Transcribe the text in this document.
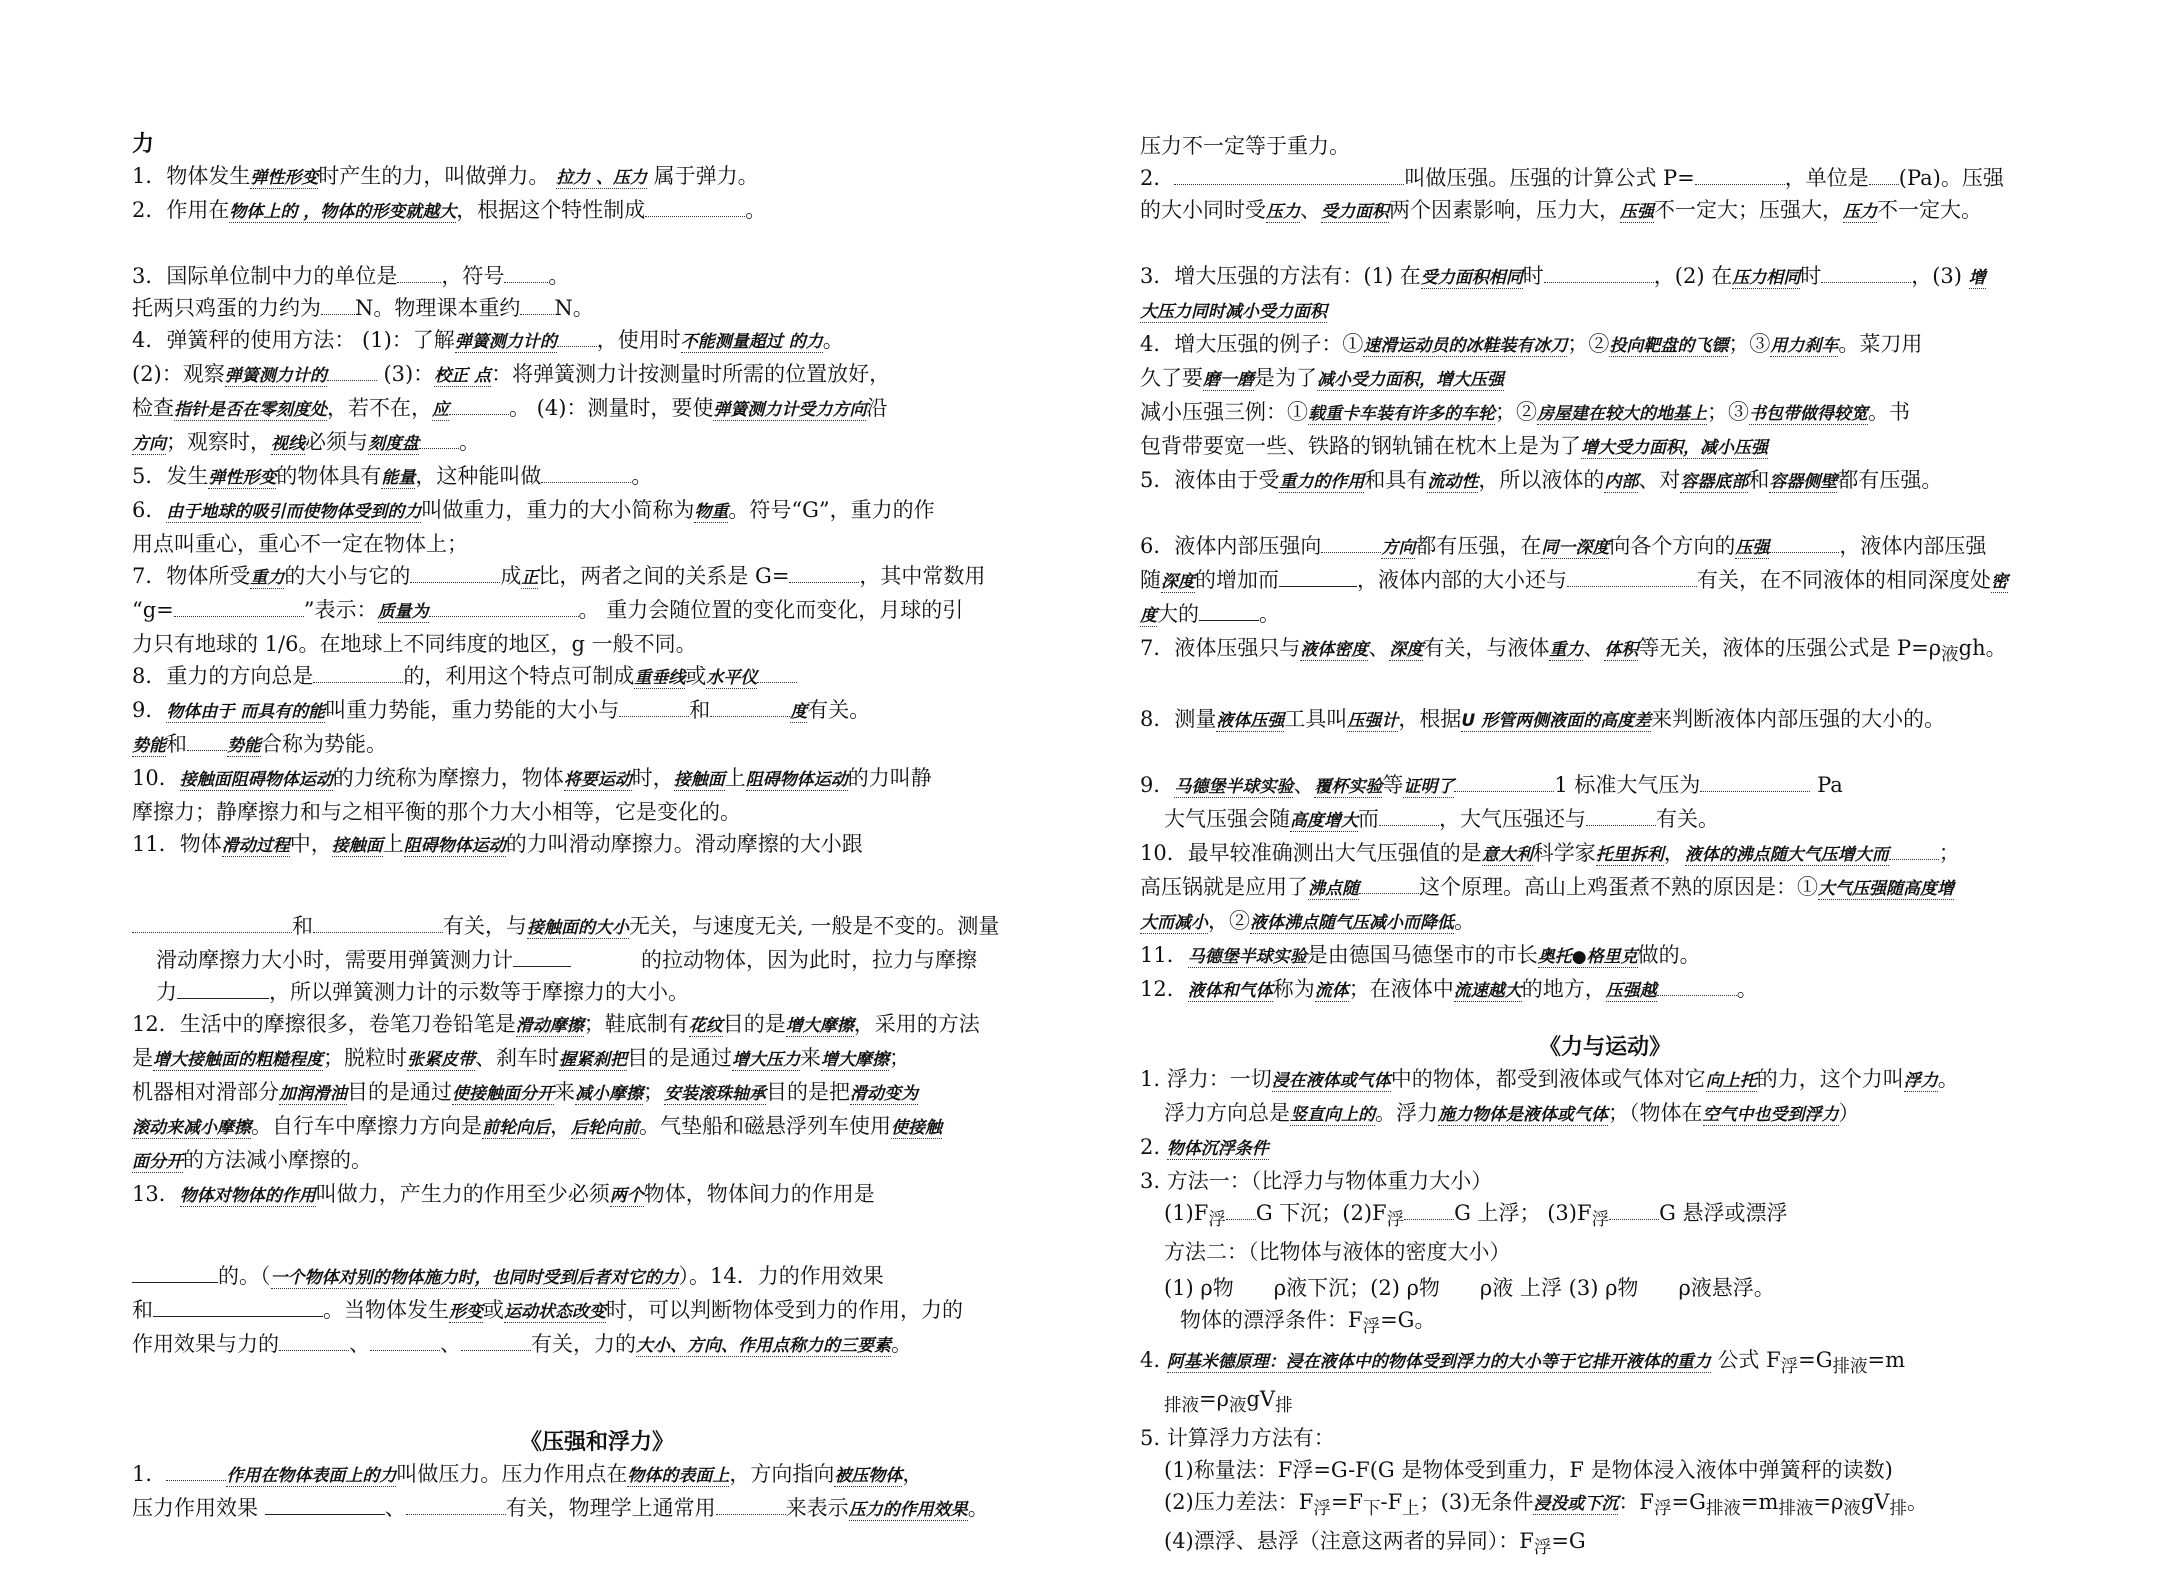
力

1．物体发生弹性形变时产生的力，叫做弹力。 拉力 、压力 属于弹力。

2．作用在物体上的 ，物体的形变就越大，根据这个特性制成	。

3．国际单位制中力的单位是 ，符号 。

托两只鸡蛋的力约为 N。物理课本重约 N。

4．弹簧秤的使用方法： (1)：了解弹簧测力计的 ，使用时不能测量超过 的力。

(2)：观察弹簧测力计的	(3)：校正 点：将弹簧测力计按测量时所需的位置放好，

检查指针是否在零刻度处，若不在，应	。 (4)：测量时，要使弹簧测力计受力方向沿

方向；观察时，视线必须与刻度盘 。

5．发生弹性形变的物体具有能量，这种能叫做	。

6．由于地球的吸引而使物体受到的力叫做重力，重力的大小简称为物重。符号“G”，重力的作

用点叫重心，重心不一定在物体上；

7．物体所受重力的大小与它的	成正比，两者之间的关系是 G=	，其中常数用

“g=	”表示：质量为	。 重力会随位置的变化而变化，月球的引

力只有地球的 1/6。在地球上不同纬度的地区，g 一般不同。

8．重力的方向总是	的，利用这个特点可制成重垂线或水平仪

9．物体由于 而具有的能叫重力势能，重力势能的大小与	和	度有关。

势能和 势能合称为势能。

10．接触面阻碍物体运动的力统称为摩擦力，物体将要运动时，接触面上阻碍物体运动的力叫静

摩擦力；静摩擦力和与之相平衡的那个力大小相等，它是变化的。

11．物体滑动过程中，接触面上阻碍物体运动的力叫滑动摩擦力。滑动摩擦的大小跟

和	有关，与接触面的大小无关，与速度无关, 一般是不变的。测量

滑动摩擦力大小时，需要用弹簧测力计	的拉动物体，因为此时，拉力与摩擦

力	，所以弹簧测力计的示数等于摩擦力的大小。

12．生活中的摩擦很多，卷笔刀卷铅笔是滑动摩擦；鞋底制有花纹目的是增大摩擦，采用的方法

是增大接触面的粗糙程度；脱粒时张紧皮带、刹车时握紧刹把目的是通过增大压力来增大摩擦；

机器相对滑部分加润滑油目的是通过使接触面分开来减小摩擦；安装滚珠轴承目的是把滑动变为

滚动来减小摩擦。自行车中摩擦力方向是前轮向后，后轮向前。气垫船和磁悬浮列车使用使接触

面分开的方法减小摩擦的。

13．物体对物体的作用叫做力，产生力的作用至少必须两个物体，物体间力的作用是

的。（一个物体对别的物体施力时，也同时受到后者对它的力）。14．力的作用效果

和	。当物体发生形变或运动状态改变时，可以判断物体受到力的作用，力的

作用效果与力的	、	、	有关，力的大小、方向、作用点称力的三要素。

《压强和浮力》

1．	作用在物体表面上的力叫做压力。压力作用点在物体的表面上，方向指向被压物体，

压力作用效果	、	有关，物理学上通常用	来表示压力的作用效果。

压力不一定等于重力。

2．	叫做压强。压强的计算公式 P=	，单位是 (Pa)。压强

的大小同时受压力、受力面积两个因素影响，压力大，压强不一定大；压强大，压力不一定大。

3．增大压强的方法有：(1) 在受力面积相同时	，(2) 在压力相同时	，(3) 增

大压力同时减小受力面积

4．增大压强的例子：①速滑运动员的冰鞋装有冰刀；②投向靶盘的飞镖；③用力刹车。菜刀用

久了要磨一磨是为了减小受力面积，增大压强

减小压强三例：①载重卡车装有许多的车轮；②房屋建在较大的地基上；③书包带做得较宽。书

包背带要宽一些、铁路的钢轨铺在枕木上是为了增大受力面积，减小压强

5．液体由于受重力的作用和具有流动性，所以液体的内部、对容器底部和容器侧壁都有压强。

6．液体内部压强向	方向都有压强，在同一深度向各个方向的压强	，液体内部压强

随深度的增加而	，液体内部的大小还与	有关，在不同液体的相同深度处密

度大的	。

7．液体压强只与液体密度、深度有关，与液体重力、体积等无关，液体的压强公式是 $P=\rho_液gh$。

8．测量液体压强工具叫压强计，根据U 形管两侧液面的高度差来判断液体内部压强的大小的。

9．马德堡半球实验、覆杯实验等证明了	1 标准大气压为	Pa

大气压强会随高度增大而	，大气压强还与	有关。

10．最早较准确测出大气压强值的是意大利科学家托里拆利，液体的沸点随大气压增大而 ；

高压锅就是应用了沸点随	这个原理。高山上鸡蛋煮不熟的原因是：①大气压强随高度增

大而减小，②液体沸点随气压减小而降低。

11．马德堡半球实验是由德国马德堡市的市长奥托●格里克做的。

12．液体和气体称为流体；在液体中流速越大的地方，压强越	。

《力与运动》

1. 浮力：一切浸在液体或气体中的物体，都受到液体或气体对它向上托的力，这个力叫浮力。

浮力方向总是竖直向上的。浮力施力物体是液体或气体；（物体在空气中也受到浮力）

2. 物体沉浮条件

3. 方法一：（比浮力与物体重力大小）

$(1)F_浮$ G 下沉；$(2)F_浮$ G 上浮； $(3)F_浮$ G 悬浮或漂浮

方法二：（比物体与液体的密度大小）

(1) ρ物 ρ液下沉；(2) ρ物 ρ液 上浮 (3) ρ物 ρ液悬浮。

物体的漂浮条件：$F_浮=G$。

4. 阿基米德原理：浸在液体中的物体受到浮力的大小等于它排开液体的重力 公式 $F_浮=G_{排液}=m$

$_{排液}=\rho_液gV_排$

5. 计算浮力方法有：

(1)称量法：F浮=G-F(G 是物体受到重力，F 是物体浸入液体中弹簧秤的读数)

(2)压力差法：$F_浮=F_下-F_上$；(3)无条件浸没或下沉：$F_浮=G_{排液}=m_{排液}=\rho_液gV_排$。

(4)漂浮、悬浮（注意这两者的异同）：$F_浮=G$
